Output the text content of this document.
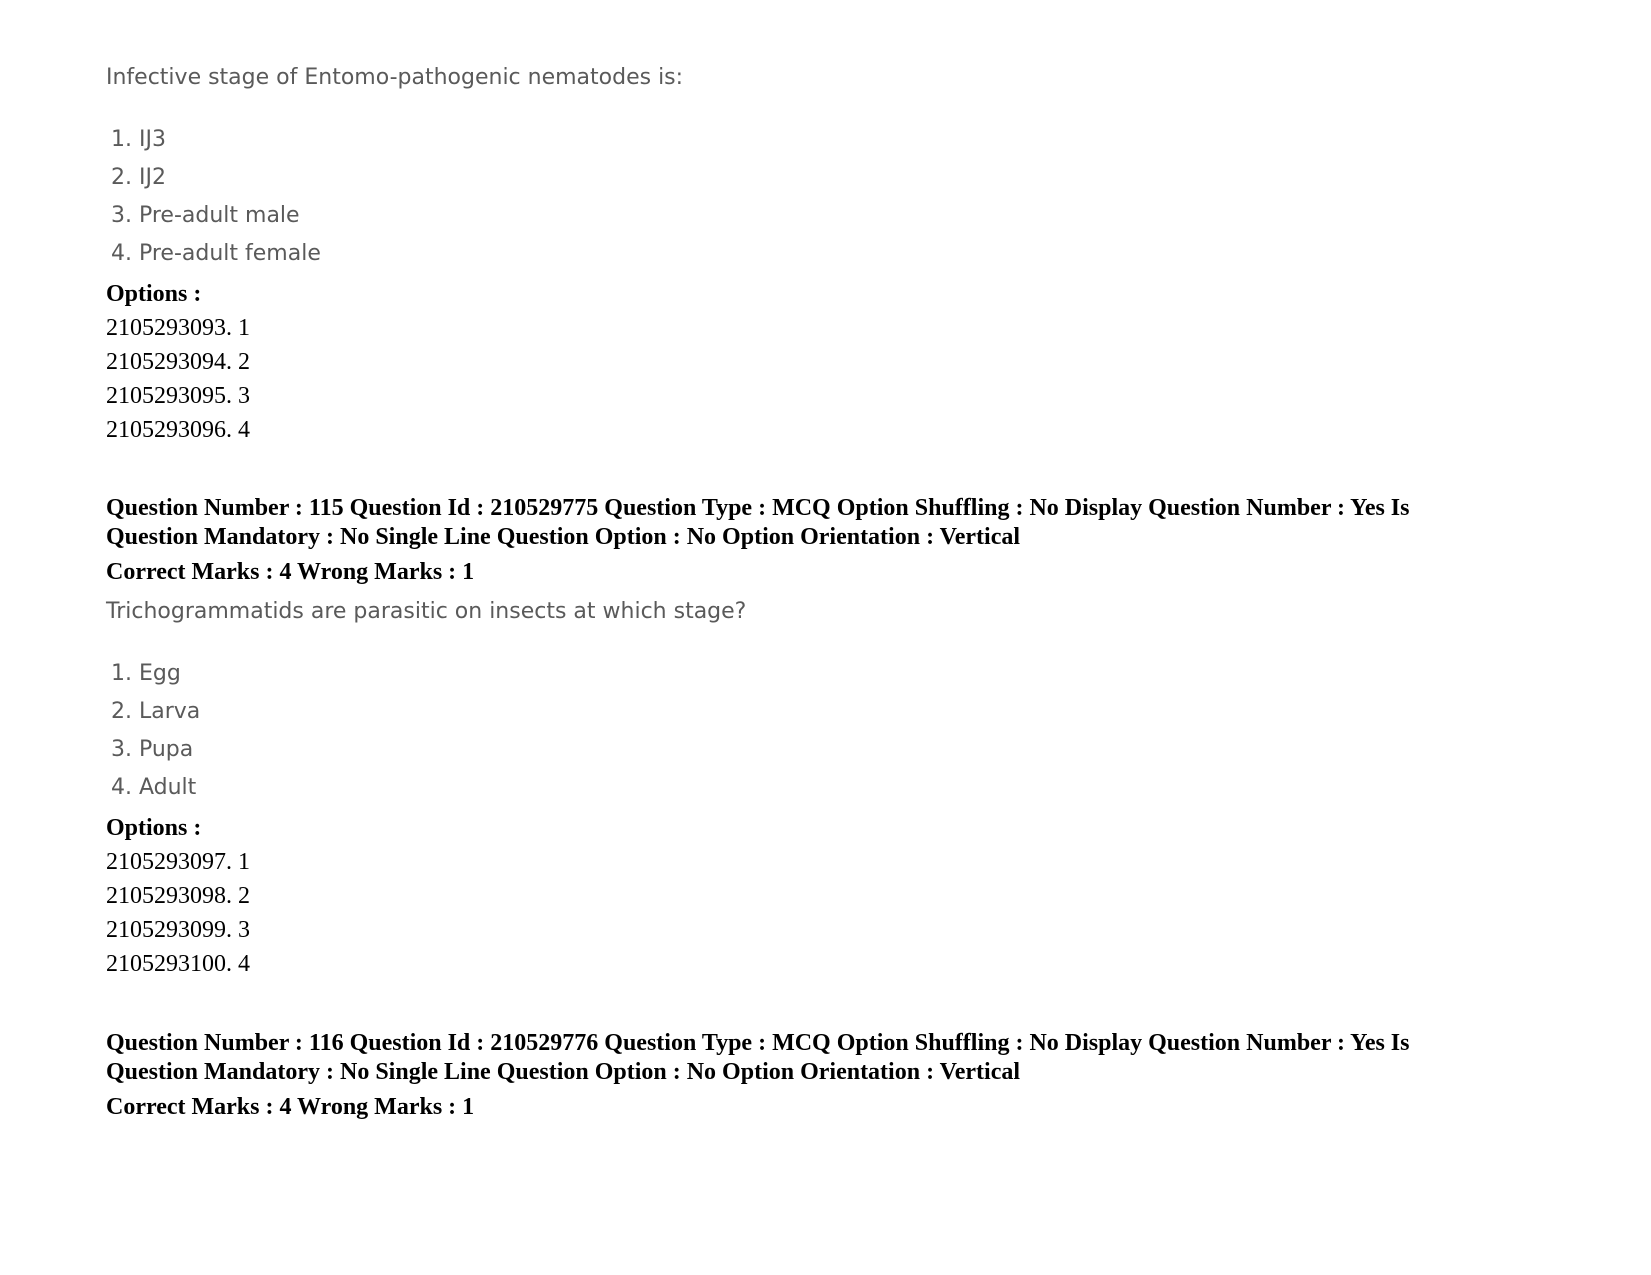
Infective stage of Entomo-pathogenic nematodes is:
1. IJ3
2. IJ2
3. Pre-adult male
4. Pre-adult female
Options :
2105293093. 1
2105293094. 2
2105293095. 3
2105293096. 4
Question Number : 115 Question Id : 210529775 Question Type : MCQ Option Shuffling : No Display Question Number : Yes Is
Question Mandatory : No Single Line Question Option : No Option Orientation : Vertical
Correct Marks : 4 Wrong Marks : 1
Trichogrammatids are parasitic on insects at which stage?
1. Egg
2. Larva
3. Pupa
4. Adult
Options :
2105293097. 1
2105293098. 2
2105293099. 3
2105293100. 4
Question Number : 116 Question Id : 210529776 Question Type : MCQ Option Shuffling : No Display Question Number : Yes Is
Question Mandatory : No Single Line Question Option : No Option Orientation : Vertical
Correct Marks : 4 Wrong Marks : 1
